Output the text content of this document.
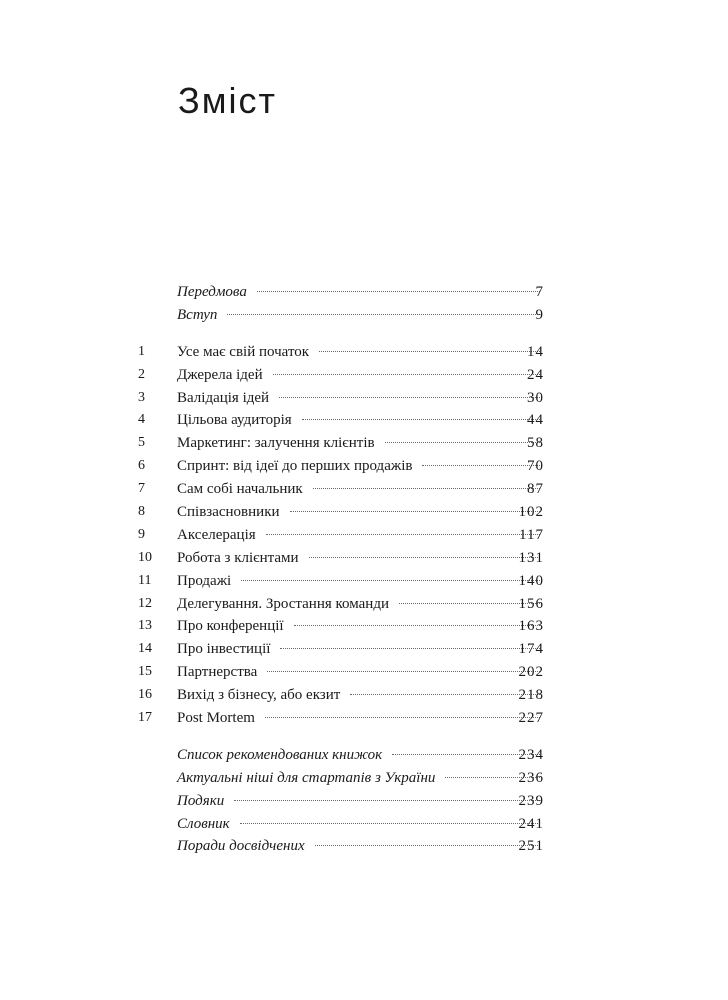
Зміст
Передмова	7
Вступ	9
1	Усе має свій початок	14
2	Джерела ідей	24
3	Валідація ідей	30
4	Цільова аудиторія	44
5	Маркетинг: залучення клієнтів	58
6	Спринт: від ідеї до перших продажів	70
7	Сам собі начальник	87
8	Співзасновники	102
9	Акселерація	117
10	Робота з клієнтами	131
11	Продажі	140
12	Делегування. Зростання команди	156
13	Про конференції	163
14	Про інвестиції	174
15	Партнерства	202
16	Вихід з бізнесу, або екзит	218
17	Post Mortem	227
Список рекомендованих книжок	234
Актуальні ніші для стартапів з України	236
Подяки	239
Словник	241
Поради досвідчених	251
